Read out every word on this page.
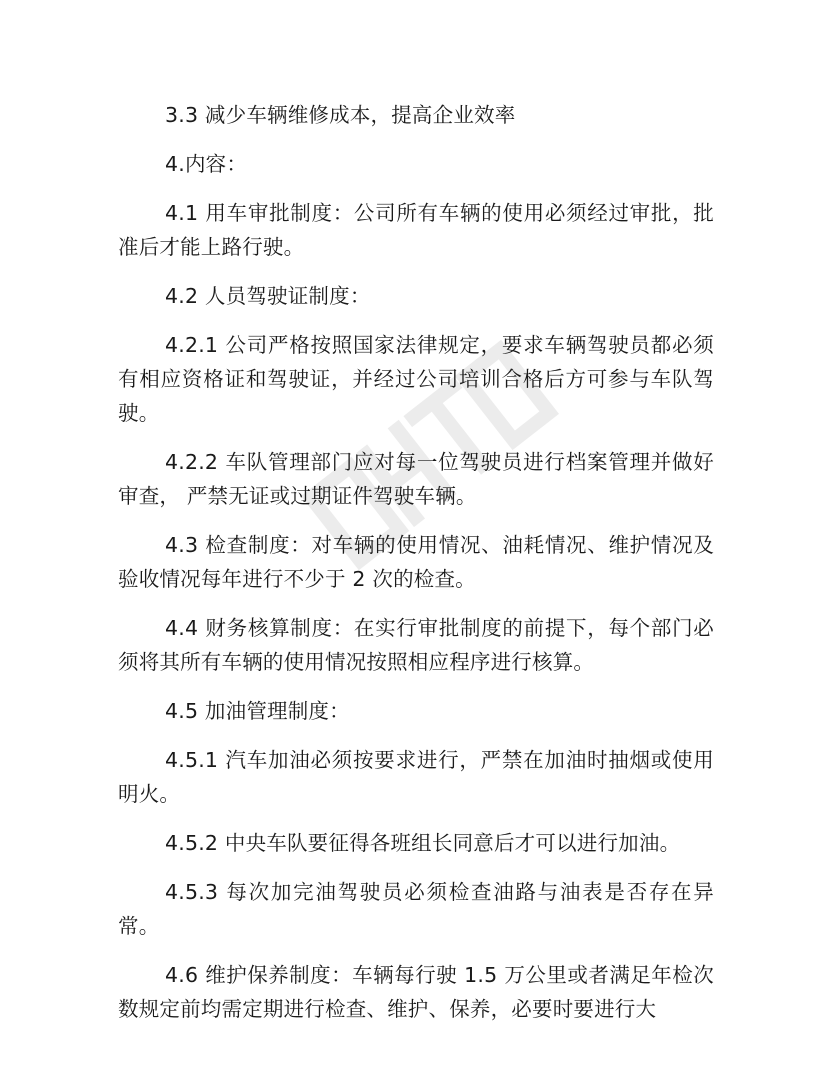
3.3 减少车辆维修成本，提高企业效率

4.内容：

4.1 用车审批制度：公司所有车辆的使用必须经过审批，批准后才能上路行驶。

4.2 人员驾驶证制度：

4.2.1 公司严格按照国家法律规定，要求车辆驾驶员都必须有相应资格证和驾驶证，并经过公司培训合格后方可参与车队驾驶。

4.2.2 车队管理部门应对每一位驾驶员进行档案管理并做好审查， 严禁无证或过期证件驾驶车辆。

4.3 检查制度：对车辆的使用情况、油耗情况、维护情况及验收情况每年进行不少于 2 次的检查。

4.4 财务核算制度：在实行审批制度的前提下，每个部门必须将其所有车辆的使用情况按照相应程序进行核算。

4.5 加油管理制度：

4.5.1 汽车加油必须按要求进行，严禁在加油时抽烟或使用明火。

4.5.2 中央车队要征得各班组长同意后才可以进行加油。

4.5.3 每次加完油驾驶员必须检查油路与油表是否存在异常。

4.6 维护保养制度：车辆每行驶 1.5 万公里或者满足年检次数规定前均需定期进行检查、维护、保养，必要时要进行大
